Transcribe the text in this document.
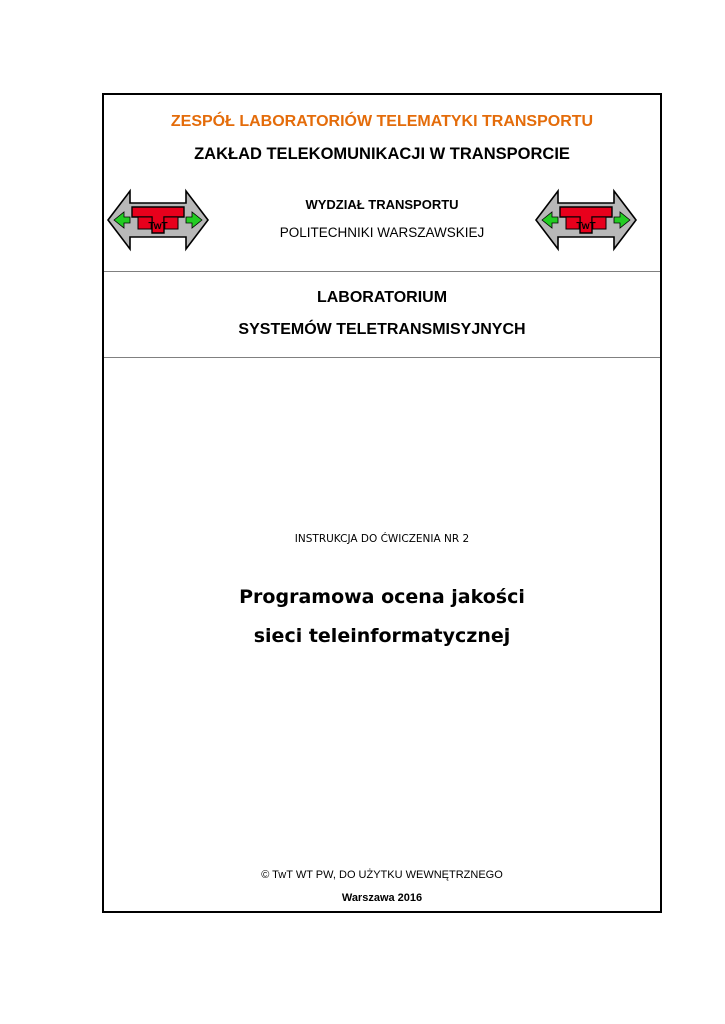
ZESPÓŁ LABORATORIÓW TELEMATYKI TRANSPORTU
ZAKŁAD TELEKOMUNIKACJI W TRANSPORCIE
WYDZIAŁ TRANSPORTU
POLITECHNIKI WARSZAWSKIEJ
TwT	TwT
LABORATORIUM
SYSTEMÓW TELETRANSMISYJNYCH
INSTRUKCJA DO ĆWICZENIA NR 2
Programowa ocena jakości
sieci teleinformatycznej
© TwT WT PW, DO UŻYTKU WEWNĘTRZNEGO
Warszawa 2016
